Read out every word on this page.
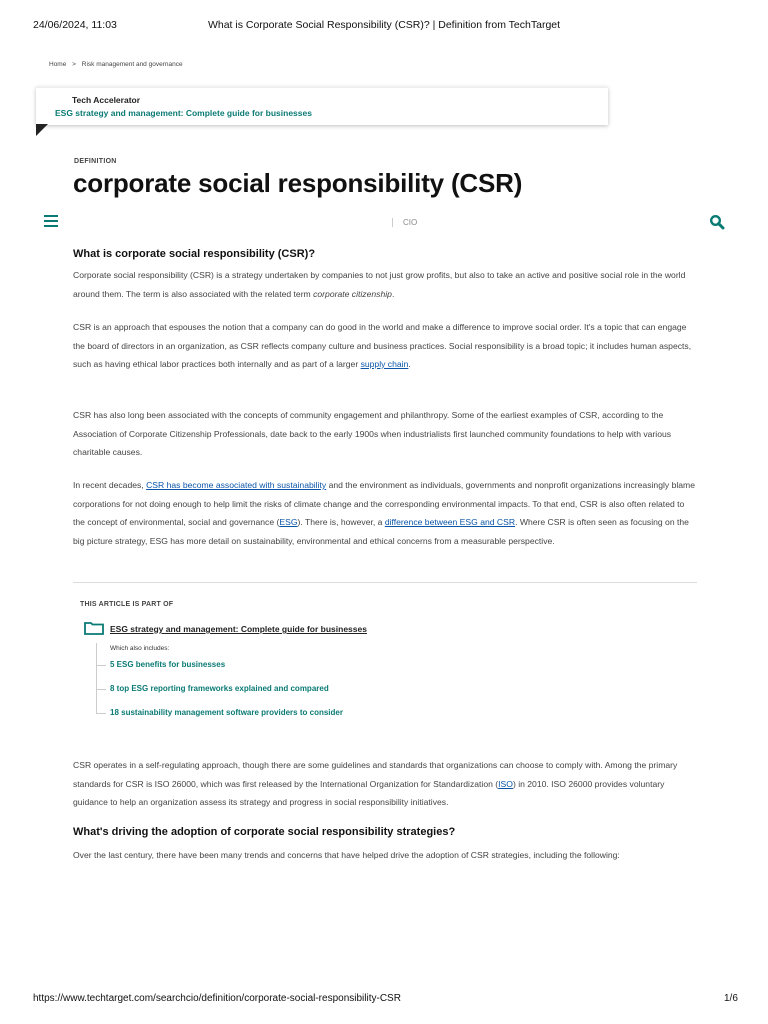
24/06/2024, 11:03	What is Corporate Social Responsibility (CSR)? | Definition from TechTarget
Home > Risk management and governance
Tech Accelerator
ESG strategy and management: Complete guide for businesses
DEFINITION
corporate social responsibility (CSR)
CIO
What is corporate social responsibility (CSR)?
Corporate social responsibility (CSR) is a strategy undertaken by companies to not just grow profits, but also to take an active and positive social role in the world around them. The term is also associated with the related term corporate citizenship.
CSR is an approach that espouses the notion that a company can do good in the world and make a difference to improve social order. It's a topic that can engage the board of directors in an organization, as CSR reflects company culture and business practices. Social responsibility is a broad topic; it includes human aspects, such as having ethical labor practices both internally and as part of a larger supply chain.
CSR has also long been associated with the concepts of community engagement and philanthropy. Some of the earliest examples of CSR, according to the Association of Corporate Citizenship Professionals, date back to the early 1900s when industrialists first launched community foundations to help with various charitable causes.
In recent decades, CSR has become associated with sustainability and the environment as individuals, governments and nonprofit organizations increasingly blame corporations for not doing enough to help limit the risks of climate change and the corresponding environmental impacts. To that end, CSR is also often related to the concept of environmental, social and governance (ESG). There is, however, a difference between ESG and CSR. Where CSR is often seen as focusing on the big picture strategy, ESG has more detail on sustainability, environmental and ethical concerns from a measurable perspective.
THIS ARTICLE IS PART OF
ESG strategy and management: Complete guide for businesses
Which also includes:
5 ESG benefits for businesses
8 top ESG reporting frameworks explained and compared
18 sustainability management software providers to consider
CSR operates in a self-regulating approach, though there are some guidelines and standards that organizations can choose to comply with. Among the primary standards for CSR is ISO 26000, which was first released by the International Organization for Standardization (ISO) in 2010. ISO 26000 provides voluntary guidance to help an organization assess its strategy and progress in social responsibility initiatives.
What's driving the adoption of corporate social responsibility strategies?
Over the last century, there have been many trends and concerns that have helped drive the adoption of CSR strategies, including the following:
https://www.techtarget.com/searchcio/definition/corporate-social-responsibility-CSR	1/6
